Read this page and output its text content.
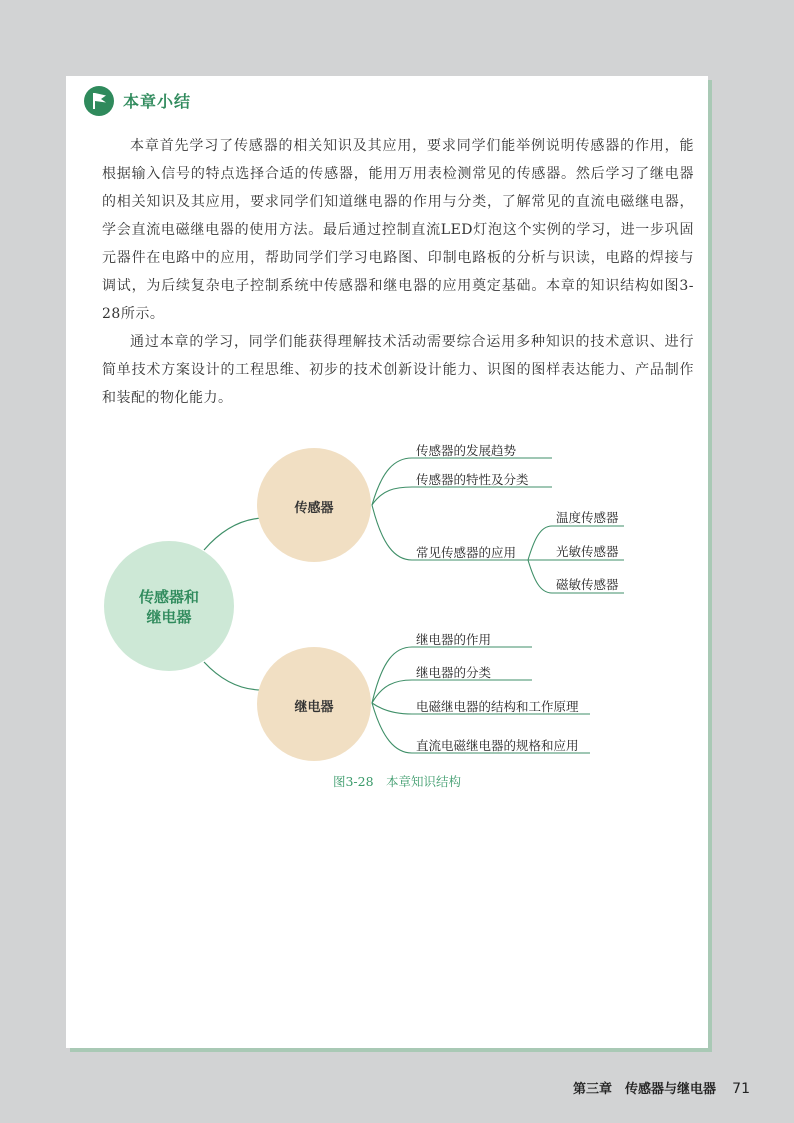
本章小结

本章首先学习了传感器的相关知识及其应用，要求同学们能举例说明传感器的作用，能根据输入信号的特点选择合适的传感器，能用万用表检测常见的传感器。然后学习了继电器的相关知识及其应用，要求同学们知道继电器的作用与分类，了解常见的直流电磁继电器，学会直流电磁继电器的使用方法。最后通过控制直流LED灯泡这个实例的学习，进一步巩固元器件在电路中的应用，帮助同学们学习电路图、印制电路板的分析与识读，电路的焊接与调试，为后续复杂电子控制系统中传感器和继电器的应用奠定基础。本章的知识结构如图3-28所示。

通过本章的学习，同学们能获得理解技术活动需要综合运用多种知识的技术意识、进行简单技术方案设计的工程思维、初步的技术创新设计能力、识图的图样表达能力、产品制作和装配的物化能力。

传感器和
继电器
传感器
继电器
传感器的发展趋势
传感器的特性及分类
常见传感器的应用
温度传感器
光敏传感器
磁敏传感器
继电器的作用
继电器的分类
电磁继电器的结构和工作原理
直流电磁继电器的规格和应用
图3-28　本章知识结构
第三章　传感器与继电器 71
